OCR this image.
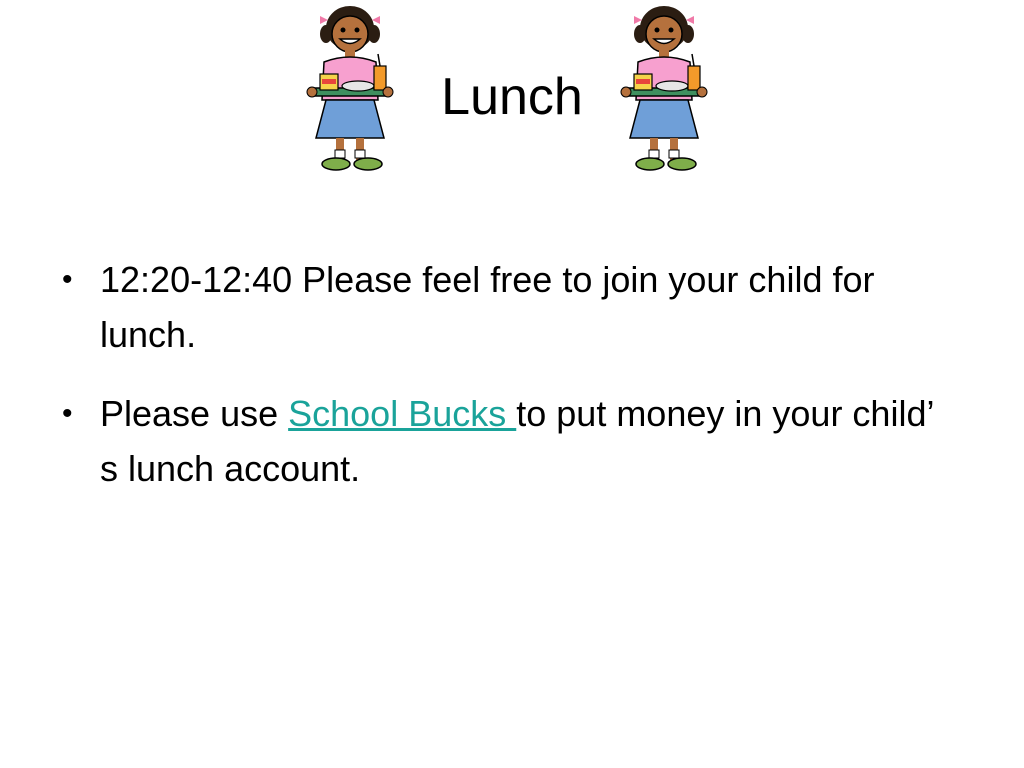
Lunch
• 12:20-12:40 Please feel free to join your child for lunch.
• Please use School Bucks to put money in your child’ s lunch account.
